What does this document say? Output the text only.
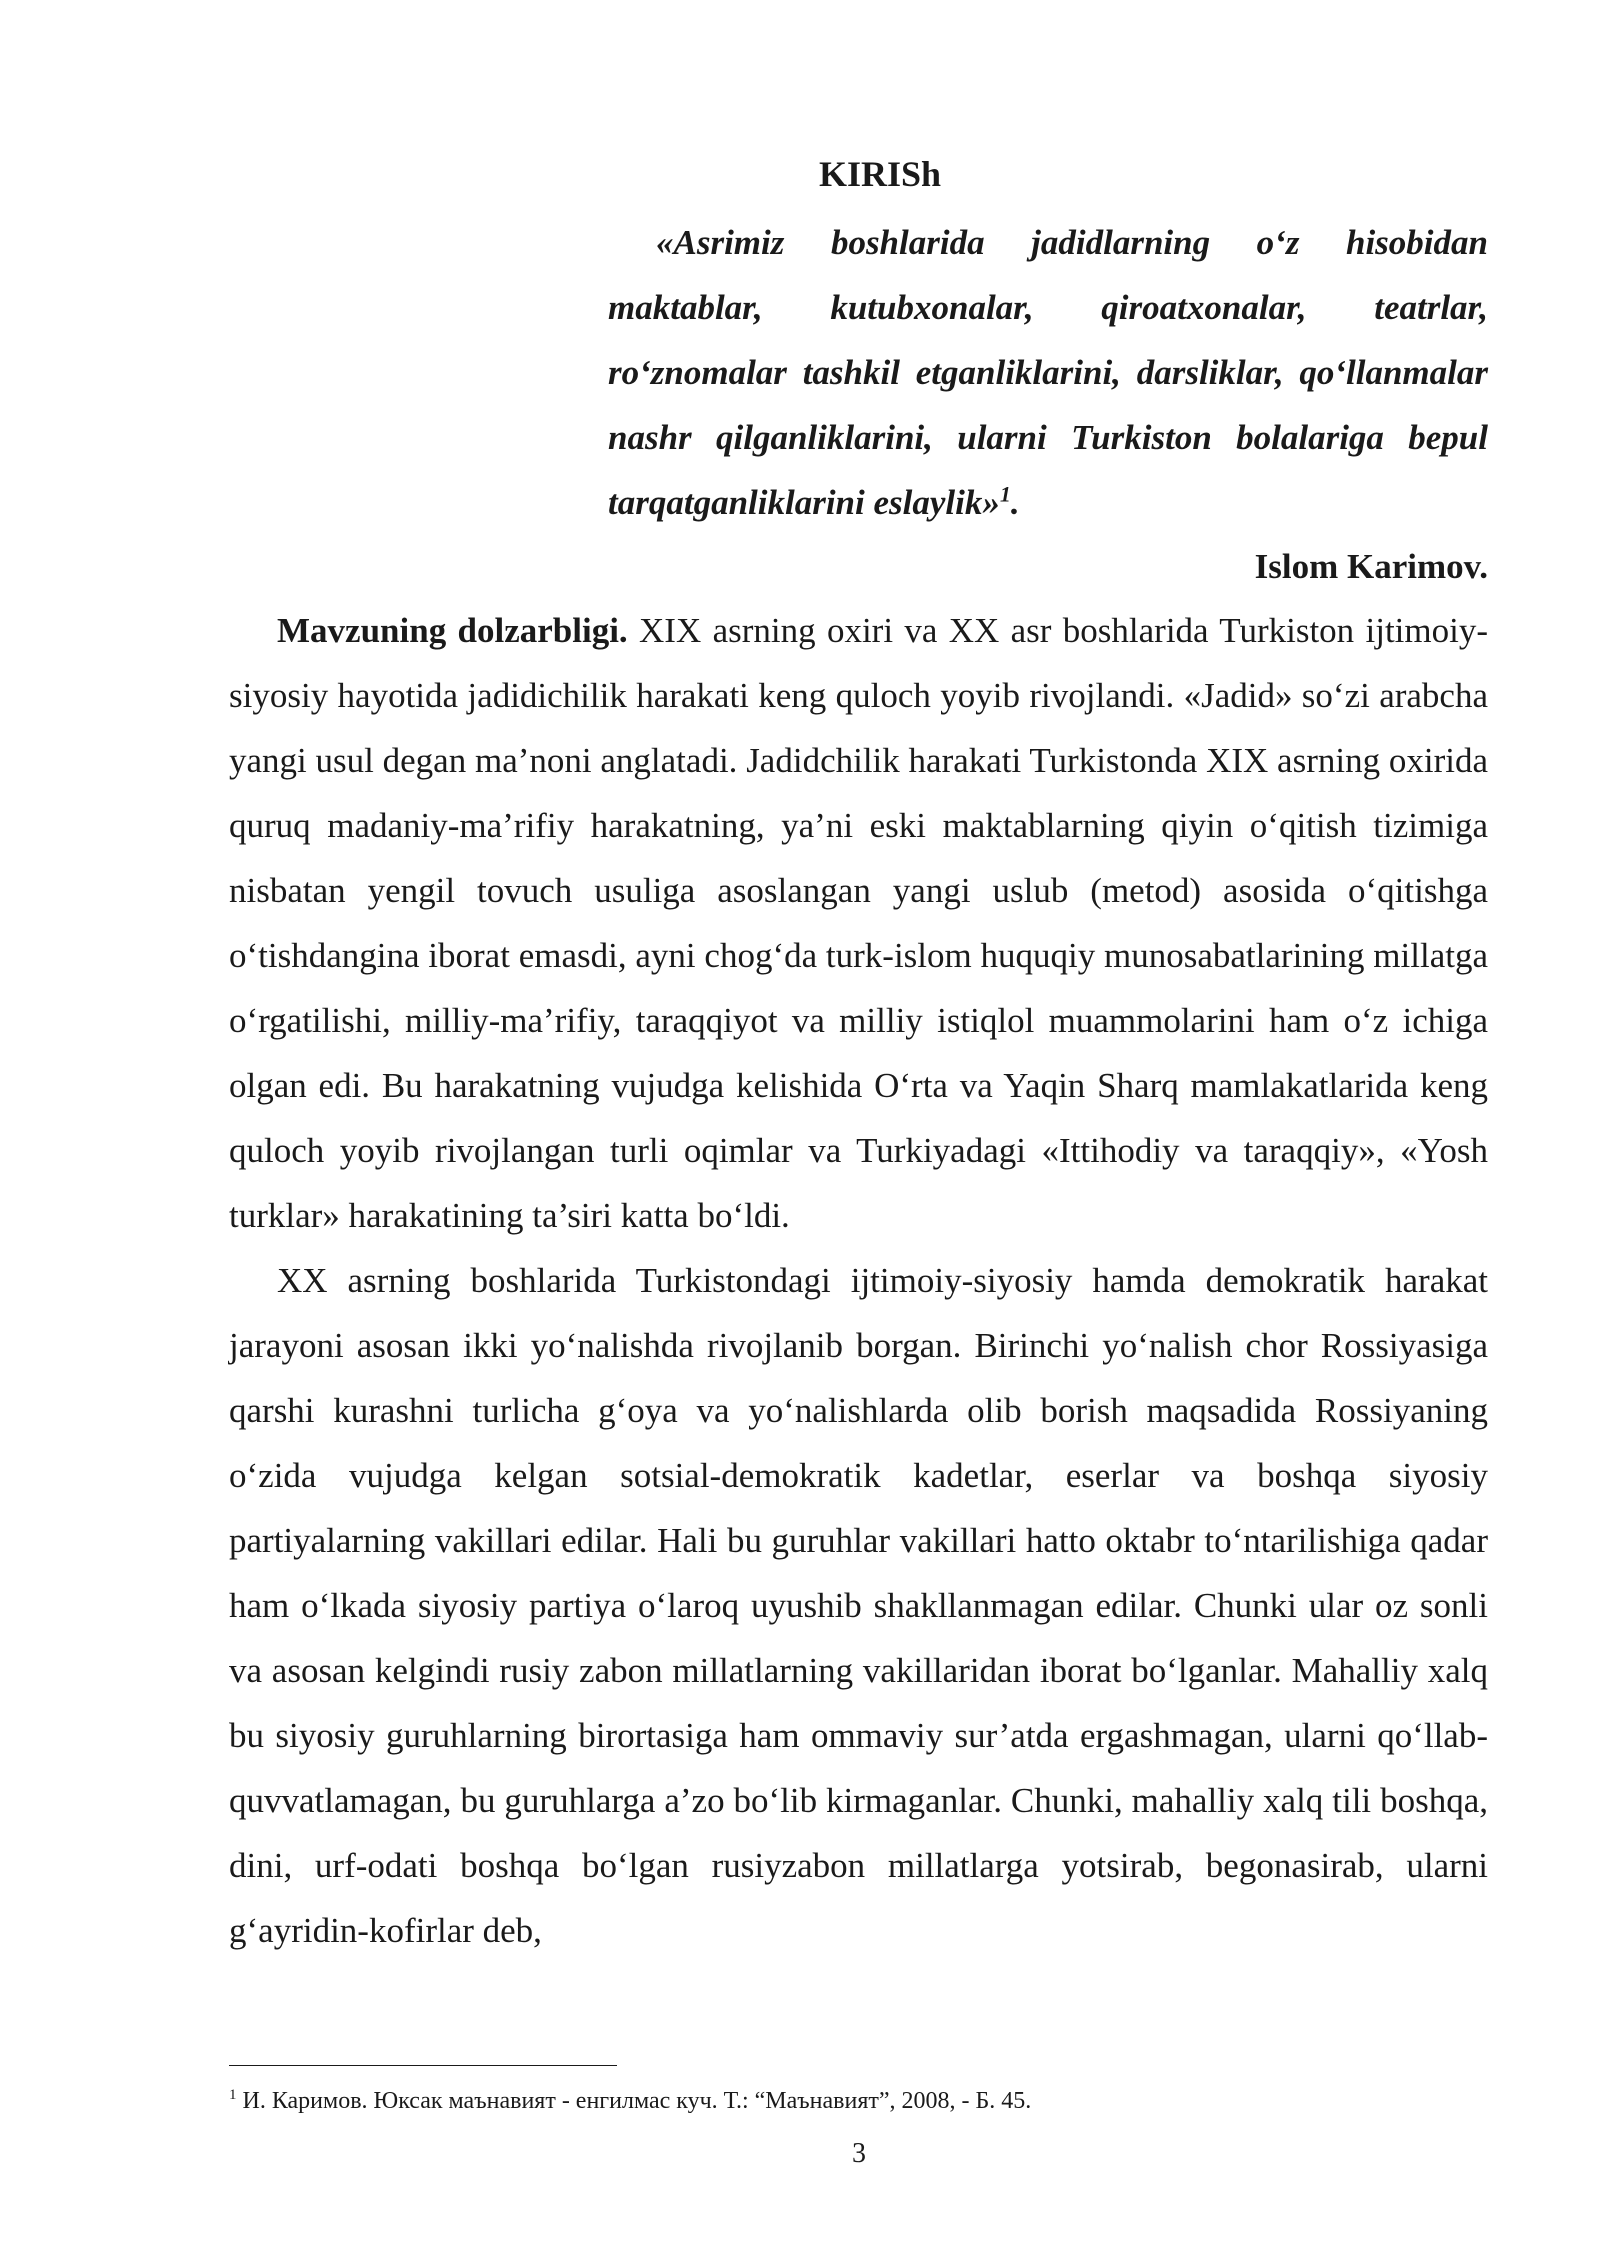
KIRISh
«Asrimiz boshlarida jadidlarning o‘z hisobidan maktablar, kutubxonalar, qiroatxonalar, teatrlar, ro‘znomalar tashkil etganliklarini, darsliklar, qo‘llanmalar nashr qilganliklarini, ularni Turkiston bolalariga bepul tarqatganliklarini eslaylik»$^1$.
Islom Karimov.

Mavzuning dolzarbligi. XIX asrning oxiri va XX asr boshlarida Turkiston ijtimoiy-siyosiy hayotida jadidichilik harakati keng quloch yoyib rivojlandi. «Jadid» so‘zi arabcha yangi usul degan ma’noni anglatadi. Jadidchilik harakati Turkistonda XIX asrning oxirida quruq madaniy-ma’rifiy harakatning, ya’ni eski maktablarning qiyin o‘qitish tizimiga nisbatan yengil tovuch usuliga asoslangan yangi uslub (metod) asosida o‘qitishga o‘tishdangina iborat emasdi, ayni chog‘da turk-islom huquqiy munosabatlarining millatga o‘rgatilishi, milliy-ma’rifiy, taraqqiyot va milliy istiqlol muammolarini ham o‘z ichiga olgan edi. Bu harakatning vujudga kelishida O‘rta va Yaqin Sharq mamlakatlarida keng quloch yoyib rivojlangan turli oqimlar va Turkiyadagi «Ittihodiy va taraqqiy», «Yosh turklar» harakatining ta’siri katta bo‘ldi.

XX asrning boshlarida Turkistondagi ijtimoiy-siyosiy hamda demokratik harakat jarayoni asosan ikki yo‘nalishda rivojlanib borgan. Birinchi yo‘nalish chor Rossiyasiga qarshi kurashni turlicha g‘oya va yo‘nalishlarda olib borish maqsadida Rossiyaning o‘zida vujudga kelgan sotsial-demokratik kadetlar, eserlar va boshqa siyosiy partiyalarning vakillari edilar. Hali bu guruhlar vakillari hatto oktabr to‘ntarilishiga qadar ham o‘lkada siyosiy partiya o‘laroq uyushib shakllanmagan edilar. Chunki ular oz sonli va asosan kelgindi rusiy zabon millatlarning vakillaridan iborat bo‘lganlar. Mahalliy xalq bu siyosiy guruhlarning birortasiga ham ommaviy sur’atda ergashmagan, ularni qo‘llab-quvvatlamagan, bu guruhlarga a’zo bo‘lib kirmaganlar. Chunki, mahalliy xalq tili boshqa, dini, urf-odati boshqa bo‘lgan rusiyzabon millatlarga yotsirab, begonasirab, ularni g‘ayridin-kofirlar deb,

$^1$ И. Каримов. Юксак маънавият - енгилмас куч. Т.: “Маънавият”, 2008, - Б. 45.
3
